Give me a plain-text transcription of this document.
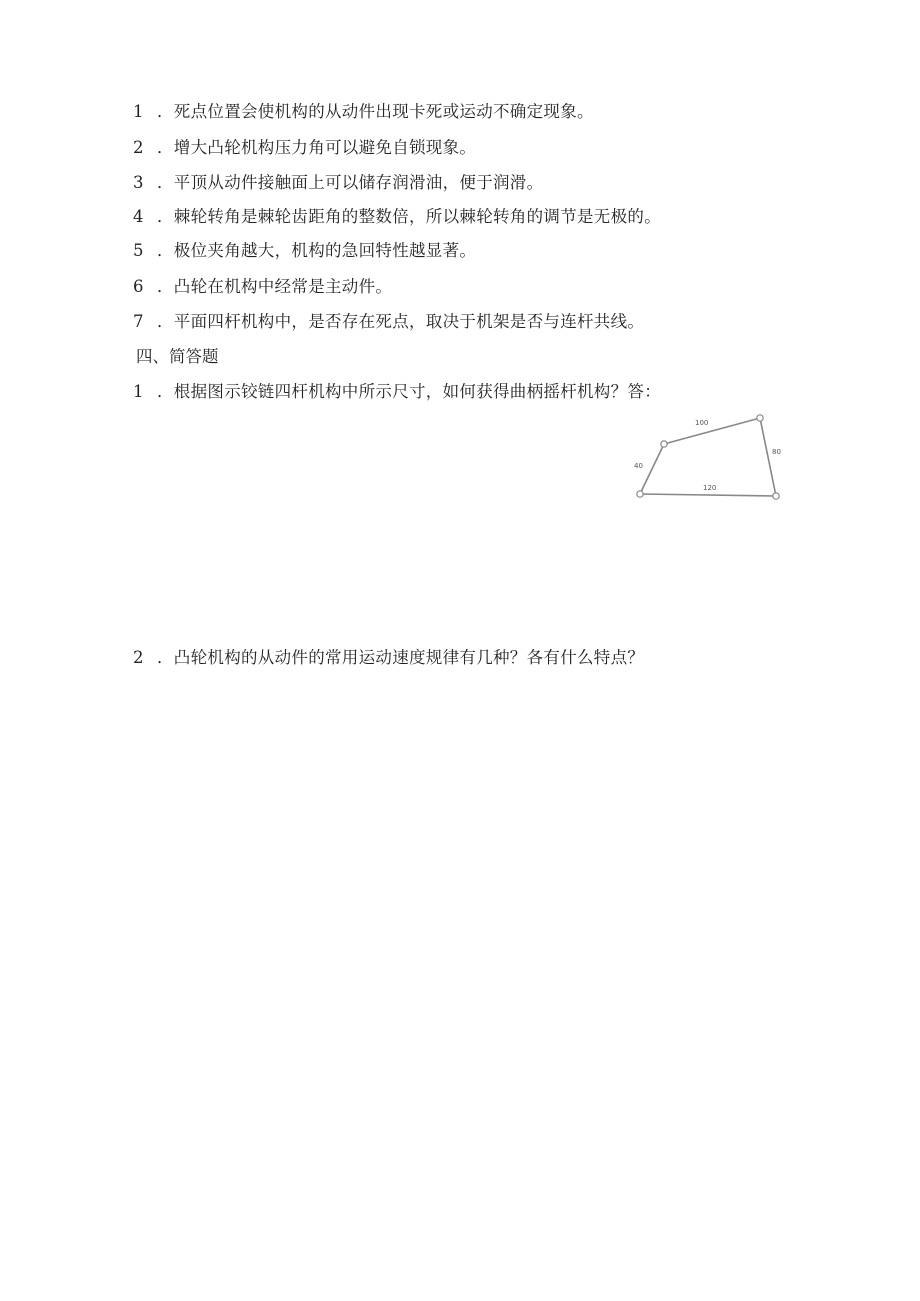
1 ．死点位置会使机构的从动件出现卡死或运动不确定现象。
2 ．增大凸轮机构压力角可以避免自锁现象。
3 ．平顶从动件接触面上可以储存润滑油，便于润滑。
4 ．棘轮转角是棘轮齿距角的整数倍，所以棘轮转角的调节是无极的。
5 ．极位夹角越大，机构的急回特性越显著。
6 ．凸轮在机构中经常是主动件。
7 ．平面四杆机构中，是否存在死点，取决于机架是否与连杆共线。
四、简答题
1 ．根据图示铰链四杆机构中所示尺寸，如何获得曲柄摇杆机构？答：
100
80
40
120
2 ．凸轮机构的从动件的常用运动速度规律有几种？各有什么特点？
